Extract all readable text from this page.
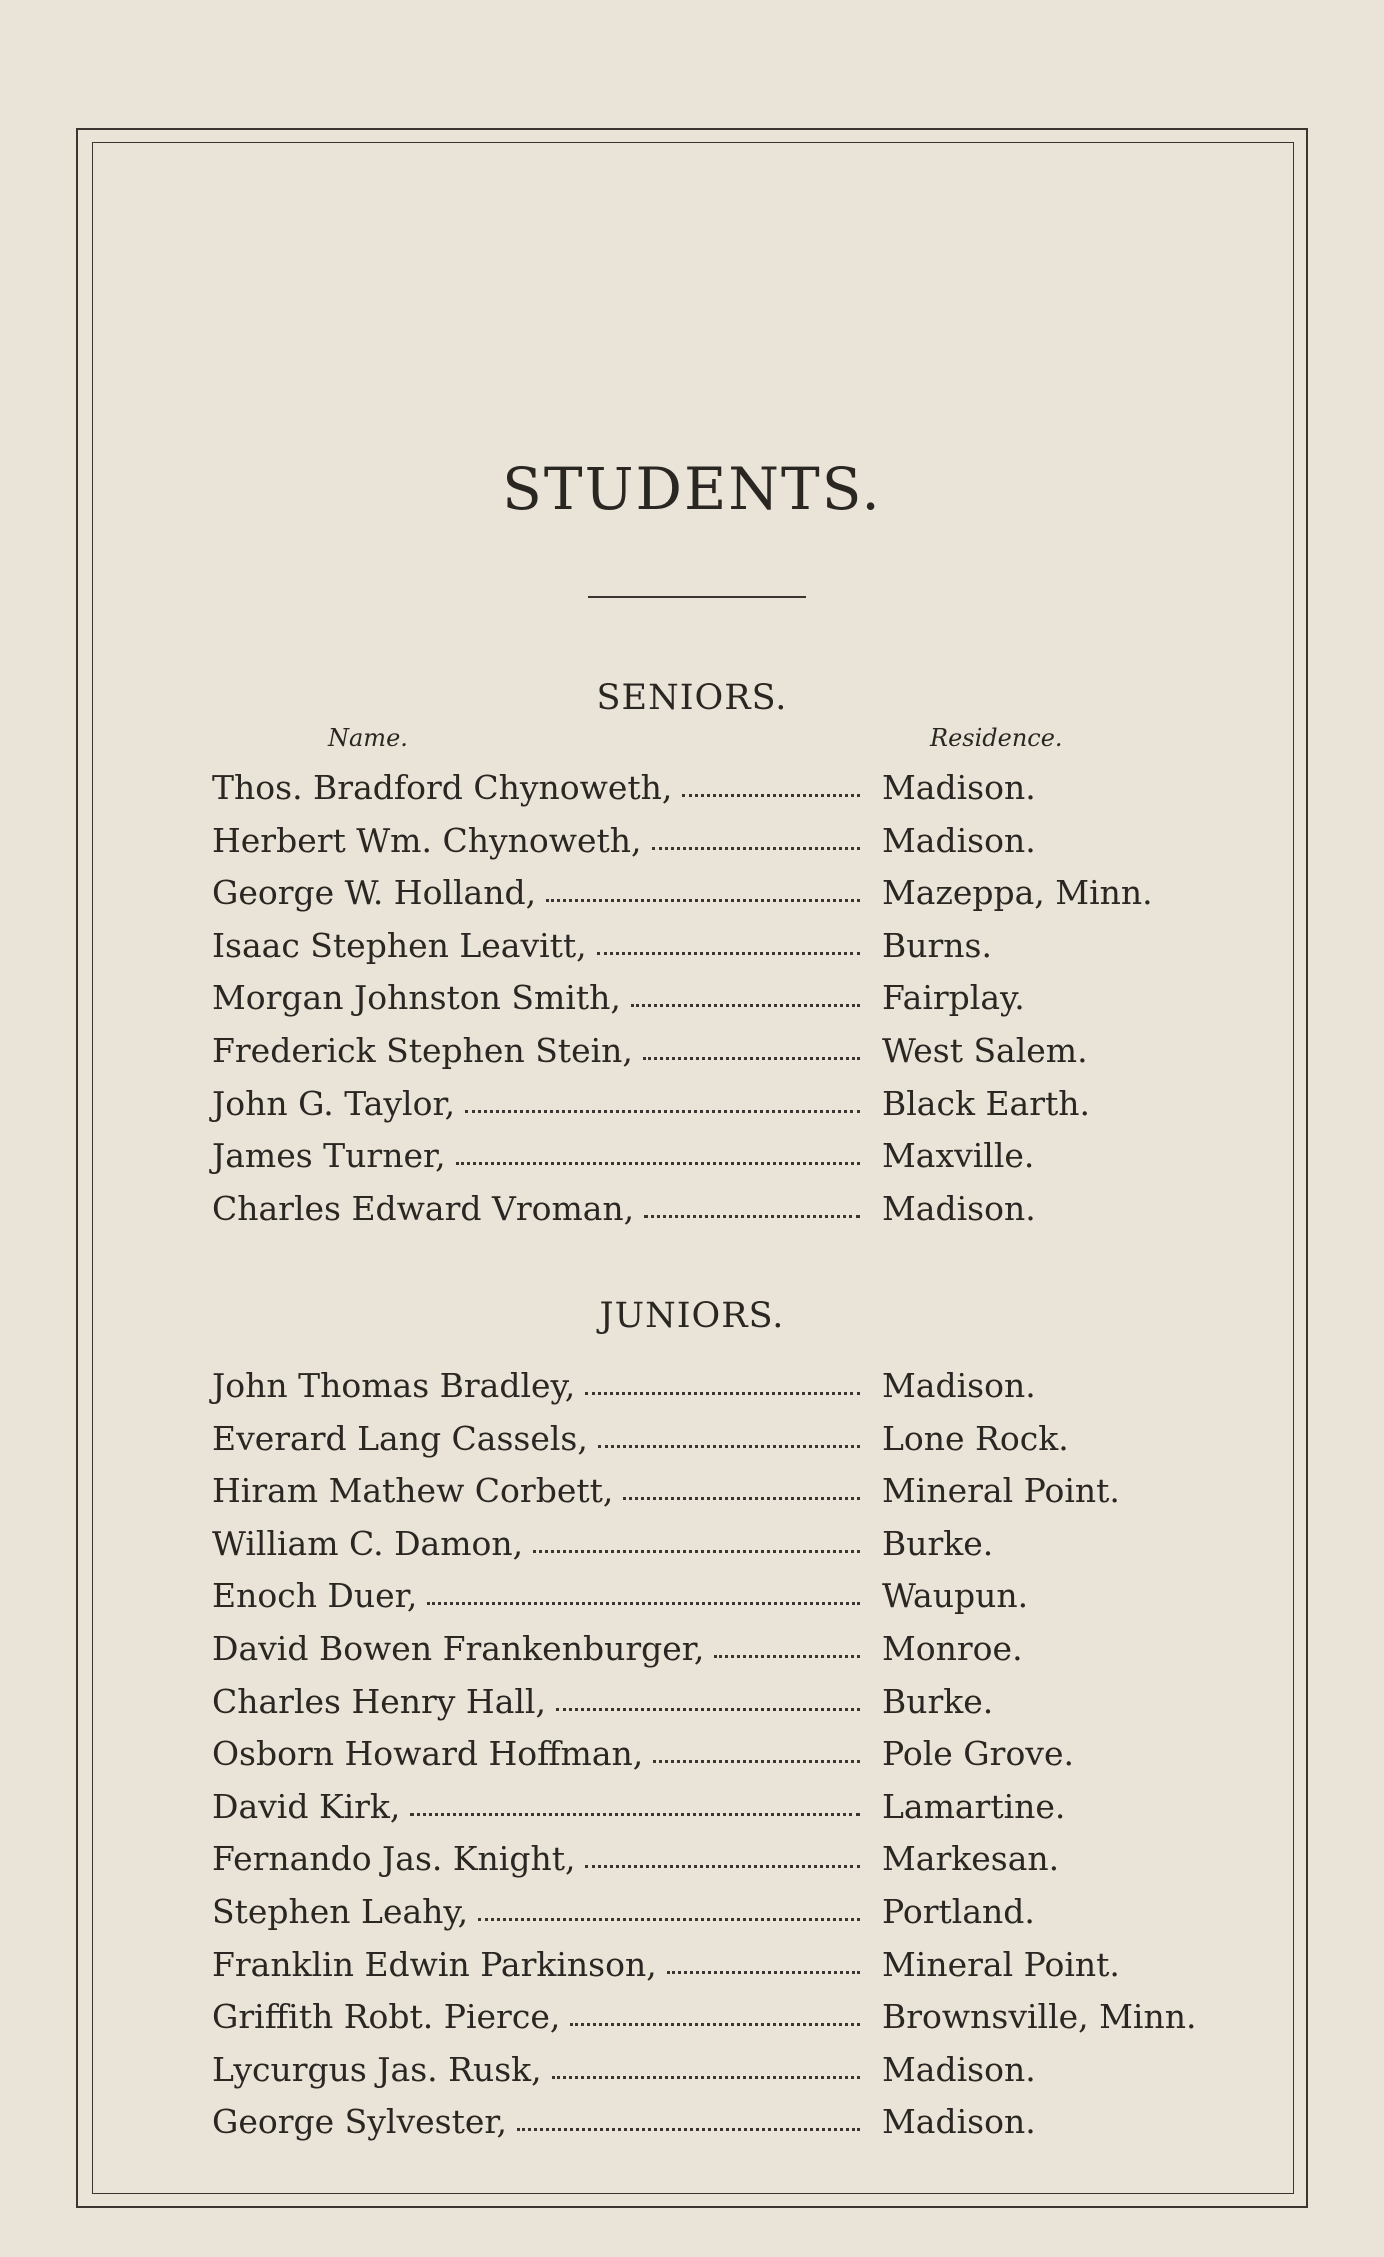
STUDENTS.
SENIORS.
Name.	Residence.
Thos. Bradford Chynoweth,	Madison.
Herbert Wm. Chynoweth,	Madison.
George W. Holland,	Mazeppa, Minn.
Isaac Stephen Leavitt,	Burns.
Morgan Johnston Smith,	Fairplay.
Frederick Stephen Stein,	West Salem.
John G. Taylor,	Black Earth.
James Turner,	Maxville.
Charles Edward Vroman,	Madison.
JUNIORS.
John Thomas Bradley,	Madison.
Everard Lang Cassels,	Lone Rock.
Hiram Mathew Corbett,	Mineral Point.
William C. Damon,	Burke.
Enoch Duer,	Waupun.
David Bowen Frankenburger,	Monroe.
Charles Henry Hall,	Burke.
Osborn Howard Hoffman,	Pole Grove.
David Kirk,	Lamartine.
Fernando Jas. Knight,	Markesan.
Stephen Leahy,	Portland.
Franklin Edwin Parkinson,	Mineral Point.
Griffith Robt. Pierce,	Brownsville, Minn.
Lycurgus Jas. Rusk,	Madison.
George Sylvester,	Madison.
